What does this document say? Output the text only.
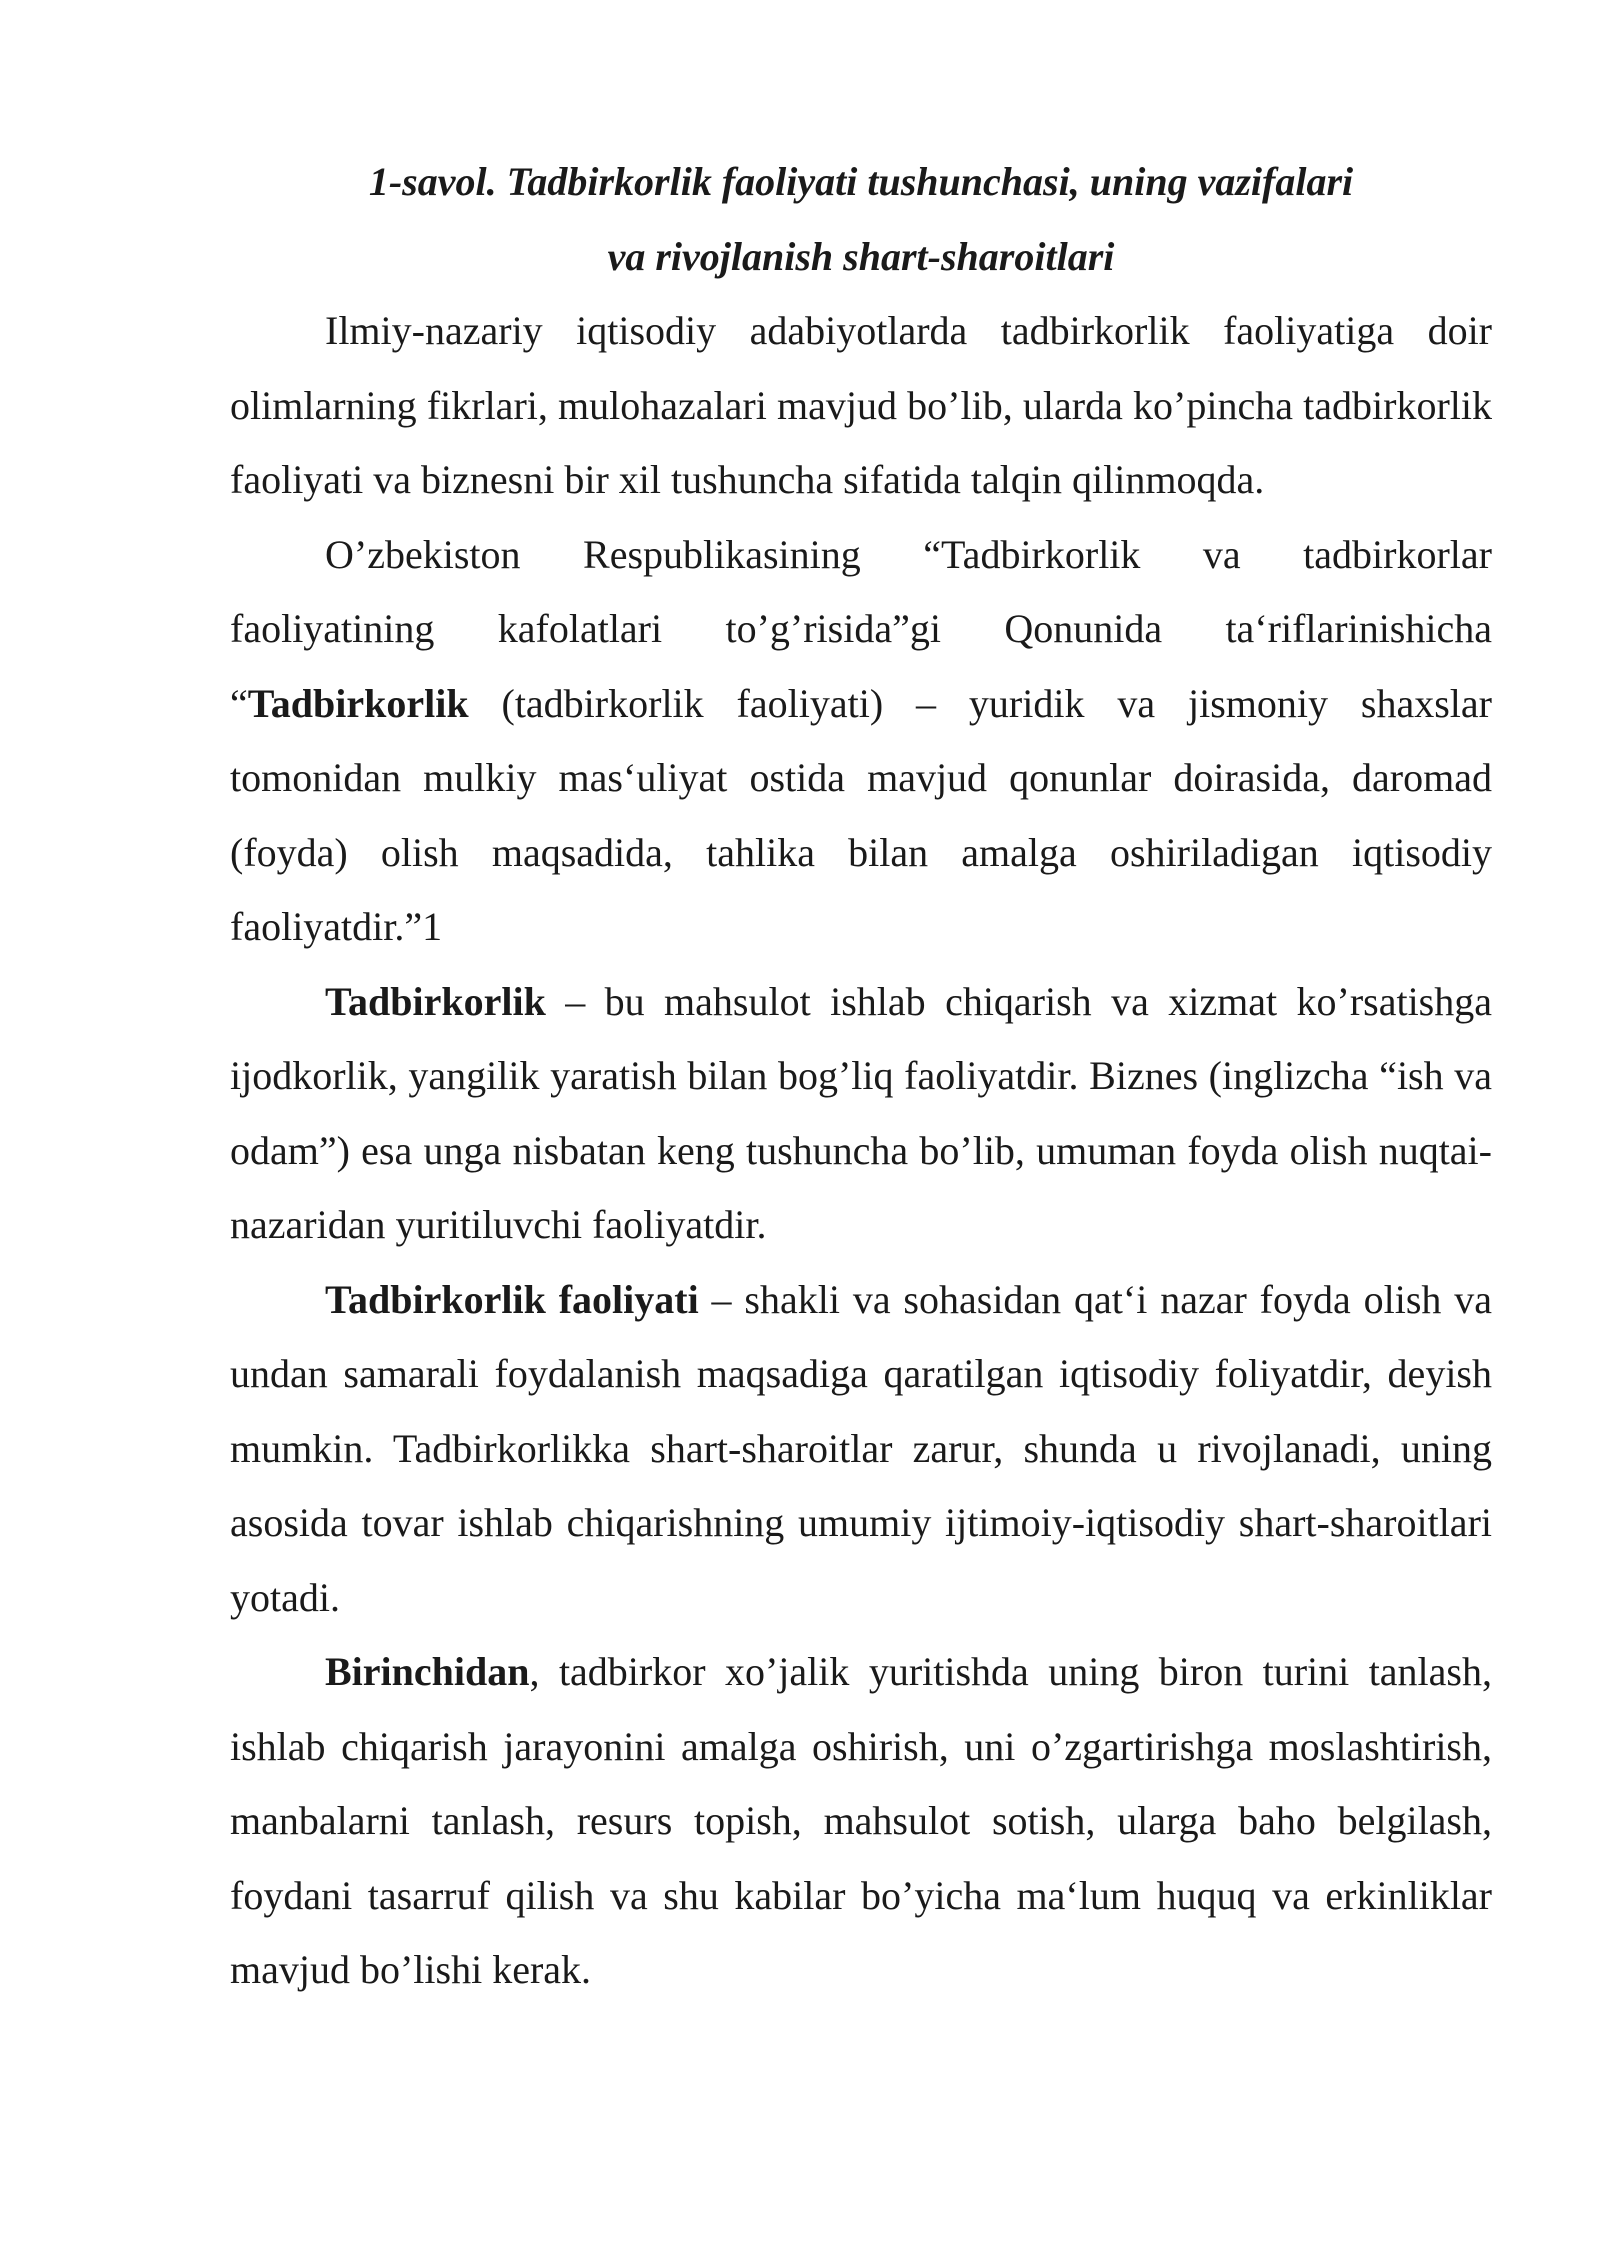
1-savol. Tadbirkorlik faoliyati tushunchasi, uning vazifalari
va rivojlanish shart-sharoitlari

Ilmiy-nazariy iqtisodiy adabiyotlarda tadbirkorlik faoliyatiga doir olimlarning fikrlari, mulohazalari mavjud bo’lib, ularda ko’pincha tadbirkorlik faoliyati va biznesni bir xil tushuncha sifatida talqin qilinmoqda.

O’zbekiston Respublikasining “Tadbirkorlik va tadbirkorlar faoliyatining kafolatlari to’g’risida”gi Qonunida ta‘riflarinishicha “Tadbirkorlik (tadbirkorlik faoliyati) – yuridik va jismoniy shaxslar tomonidan mulkiy mas‘uliyat ostida mavjud qonunlar doirasida, daromad (foyda) olish maqsadida, tahlika bilan amalga oshiriladigan iqtisodiy faoliyatdir.”1

Tadbirkorlik – bu mahsulot ishlab chiqarish va xizmat ko’rsatishga ijodkorlik, yangilik yaratish bilan bog’liq faoliyatdir. Biznes (inglizcha “ish va odam”) esa unga nisbatan keng tushuncha bo’lib, umuman foyda olish nuqtai-nazaridan yuritiluvchi faoliyatdir.

Tadbirkorlik faoliyati – shakli va sohasidan qat‘i nazar foyda olish va undan samarali foydalanish maqsadiga qaratilgan iqtisodiy foliyatdir, deyish mumkin. Tadbirkorlikka shart-sharoitlar zarur, shunda u rivojlanadi, uning asosida tovar ishlab chiqarishning umumiy ijtimoiy-iqtisodiy shart-sharoitlari yotadi.

Birinchidan, tadbirkor xo’jalik yuritishda uning biron turini tanlash, ishlab chiqarish jarayonini amalga oshirish, uni o’zgartirishga moslashtirish, manbalarni tanlash, resurs topish, mahsulot sotish, ularga baho belgilash, foydani tasarruf qilish va shu kabilar bo’yicha ma‘lum huquq va erkinliklar mavjud bo’lishi kerak.
